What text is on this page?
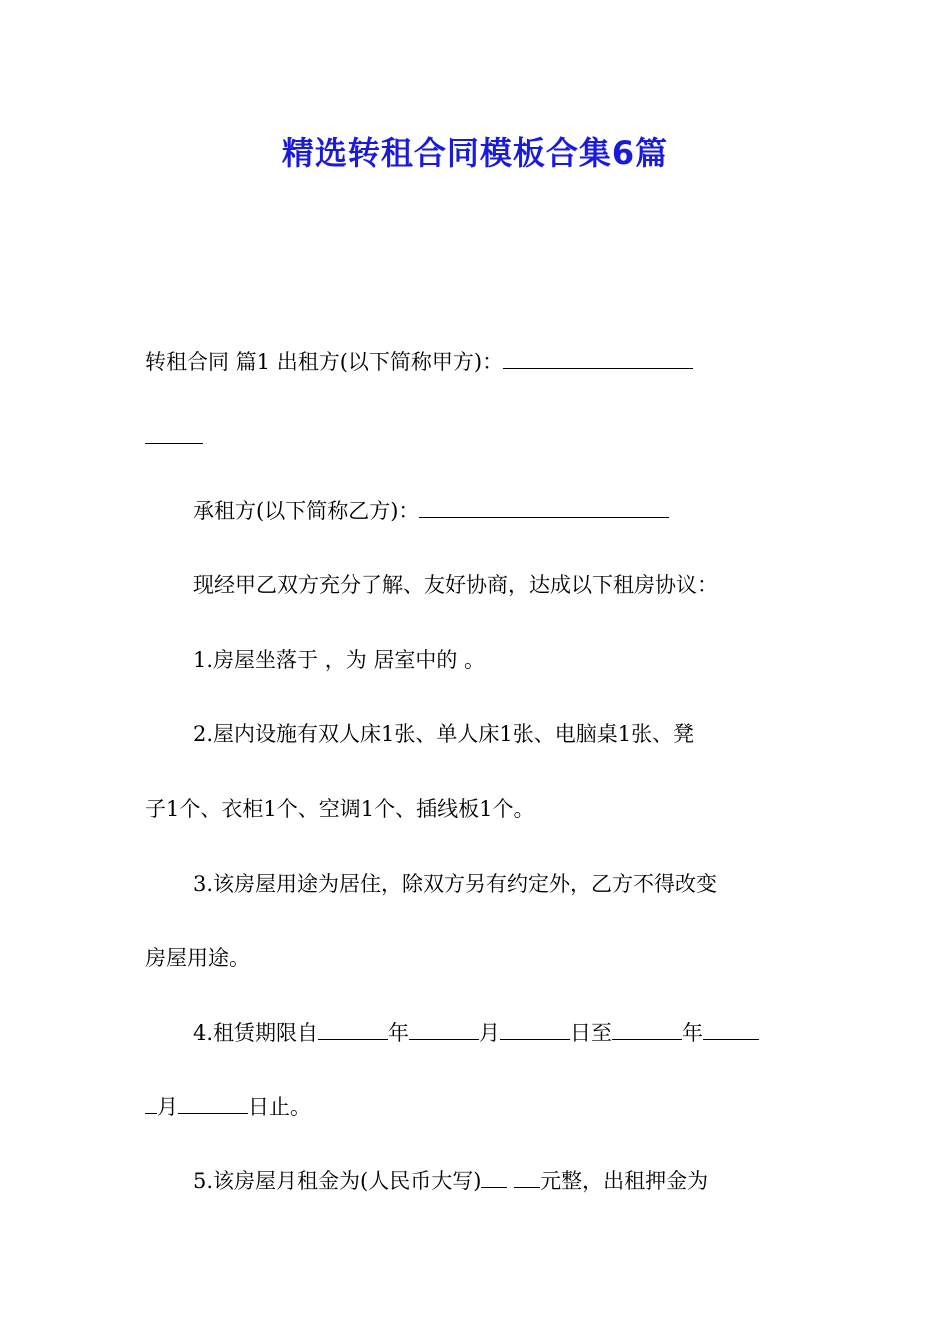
精选转租合同模板合集6篇
转租合同 篇1 出租方(以下简称甲方)：
承租方(以下简称乙方)：
现经甲乙双方充分了解、友好协商，达成以下租房协议：
1.房屋坐落于 ，为 居室中的 。
2.屋内设施有双人床1张、单人床1张、电脑桌1张、凳
子1个、衣柜1个、空调1个、插线板1个。
3.该房屋用途为居住，除双方另有约定外，乙方不得改变
房屋用途。
4.租赁期限自	年	月	日至	年
月	日止。
5.该房屋月租金为(人民币大写)	元整，出租押金为
